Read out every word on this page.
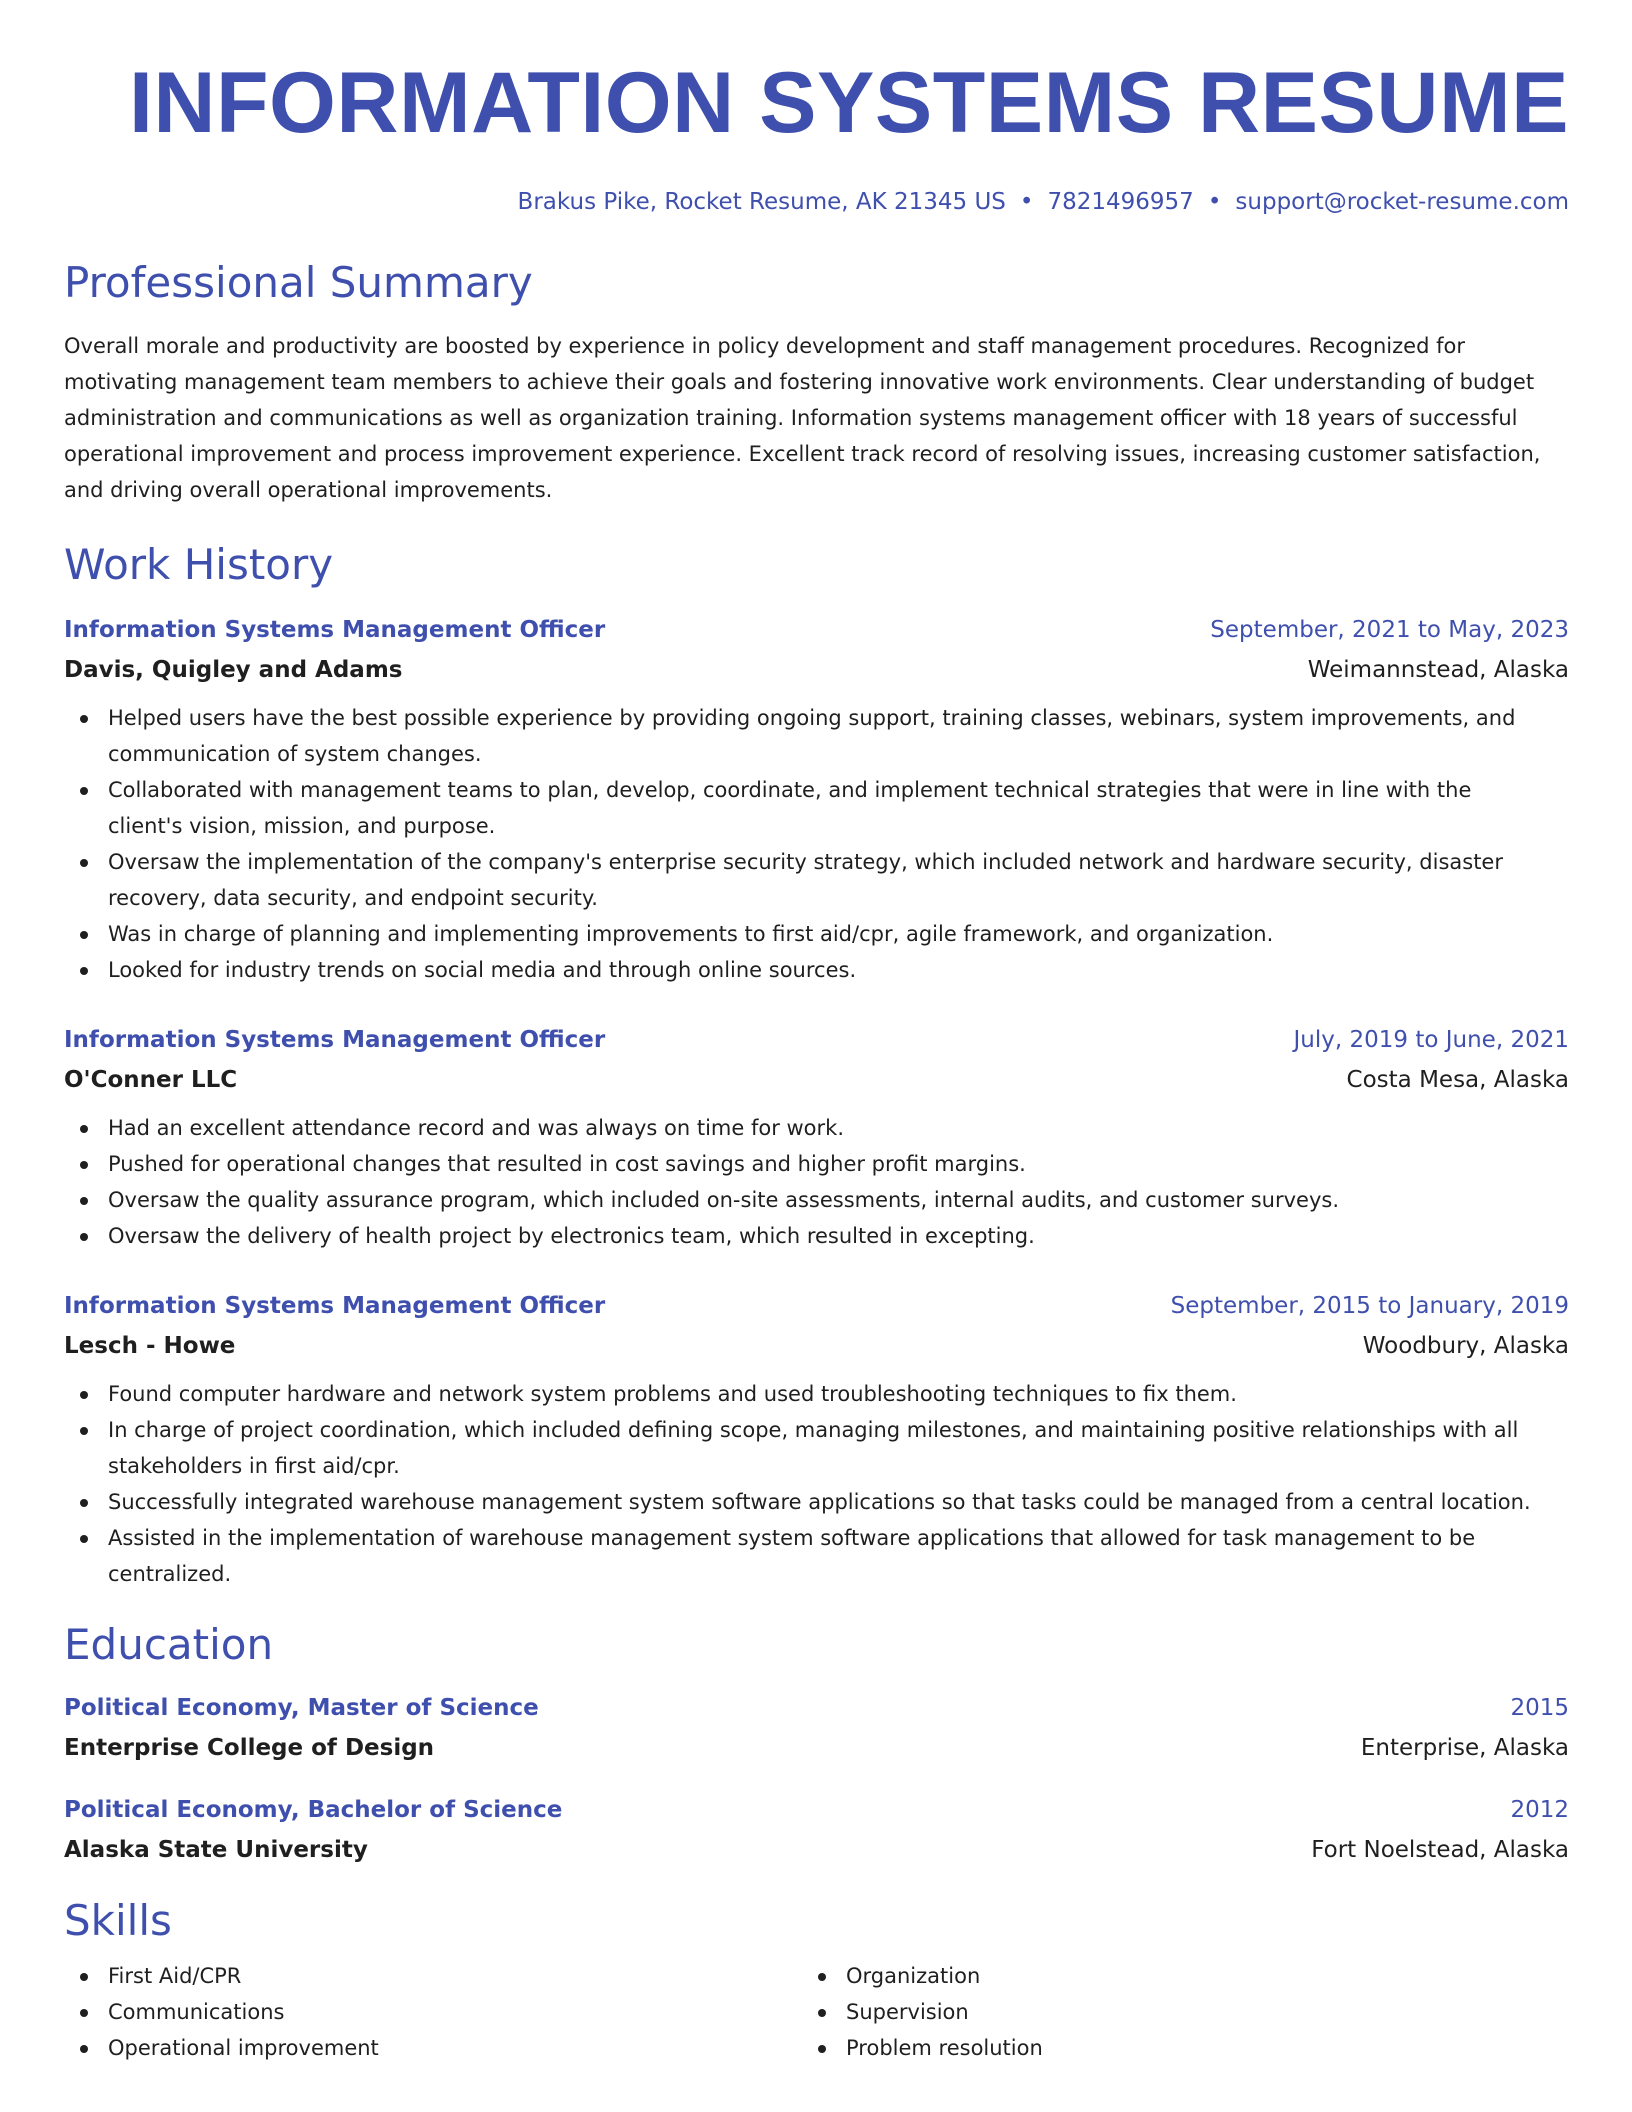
INFORMATION SYSTEMS RESUME
Brakus Pike, Rocket Resume, AK 21345 US • 7821496957 • support@rocket-resume.com
Professional Summary
Overall morale and productivity are boosted by experience in policy development and staff management procedures. Recognized for motivating management team members to achieve their goals and fostering innovative work environments. Clear understanding of budget administration and communications as well as organization training. Information systems management officer with 18 years of successful operational improvement and process improvement experience. Excellent track record of resolving issues, increasing customer satisfaction, and driving overall operational improvements.
Work History
Information Systems Management Officer	September, 2021 to May, 2023
Davis, Quigley and Adams	Weimannstead, Alaska
Helped users have the best possible experience by providing ongoing support, training classes, webinars, system improvements, and communication of system changes.
Collaborated with management teams to plan, develop, coordinate, and implement technical strategies that were in line with the client's vision, mission, and purpose.
Oversaw the implementation of the company's enterprise security strategy, which included network and hardware security, disaster recovery, data security, and endpoint security.
Was in charge of planning and implementing improvements to first aid/cpr, agile framework, and organization.
Looked for industry trends on social media and through online sources.
Information Systems Management Officer	July, 2019 to June, 2021
O'Conner LLC	Costa Mesa, Alaska
Had an excellent attendance record and was always on time for work.
Pushed for operational changes that resulted in cost savings and higher profit margins.
Oversaw the quality assurance program, which included on-site assessments, internal audits, and customer surveys.
Oversaw the delivery of health project by electronics team, which resulted in excepting.
Information Systems Management Officer	September, 2015 to January, 2019
Lesch - Howe	Woodbury, Alaska
Found computer hardware and network system problems and used troubleshooting techniques to fix them.
In charge of project coordination, which included defining scope, managing milestones, and maintaining positive relationships with all stakeholders in first aid/cpr.
Successfully integrated warehouse management system software applications so that tasks could be managed from a central location.
Assisted in the implementation of warehouse management system software applications that allowed for task management to be centralized.
Education
Political Economy, Master of Science	2015
Enterprise College of Design	Enterprise, Alaska
Political Economy, Bachelor of Science	2012
Alaska State University	Fort Noelstead, Alaska
Skills
First Aid/CPR
Communications
Operational improvement
Organization
Supervision
Problem resolution
